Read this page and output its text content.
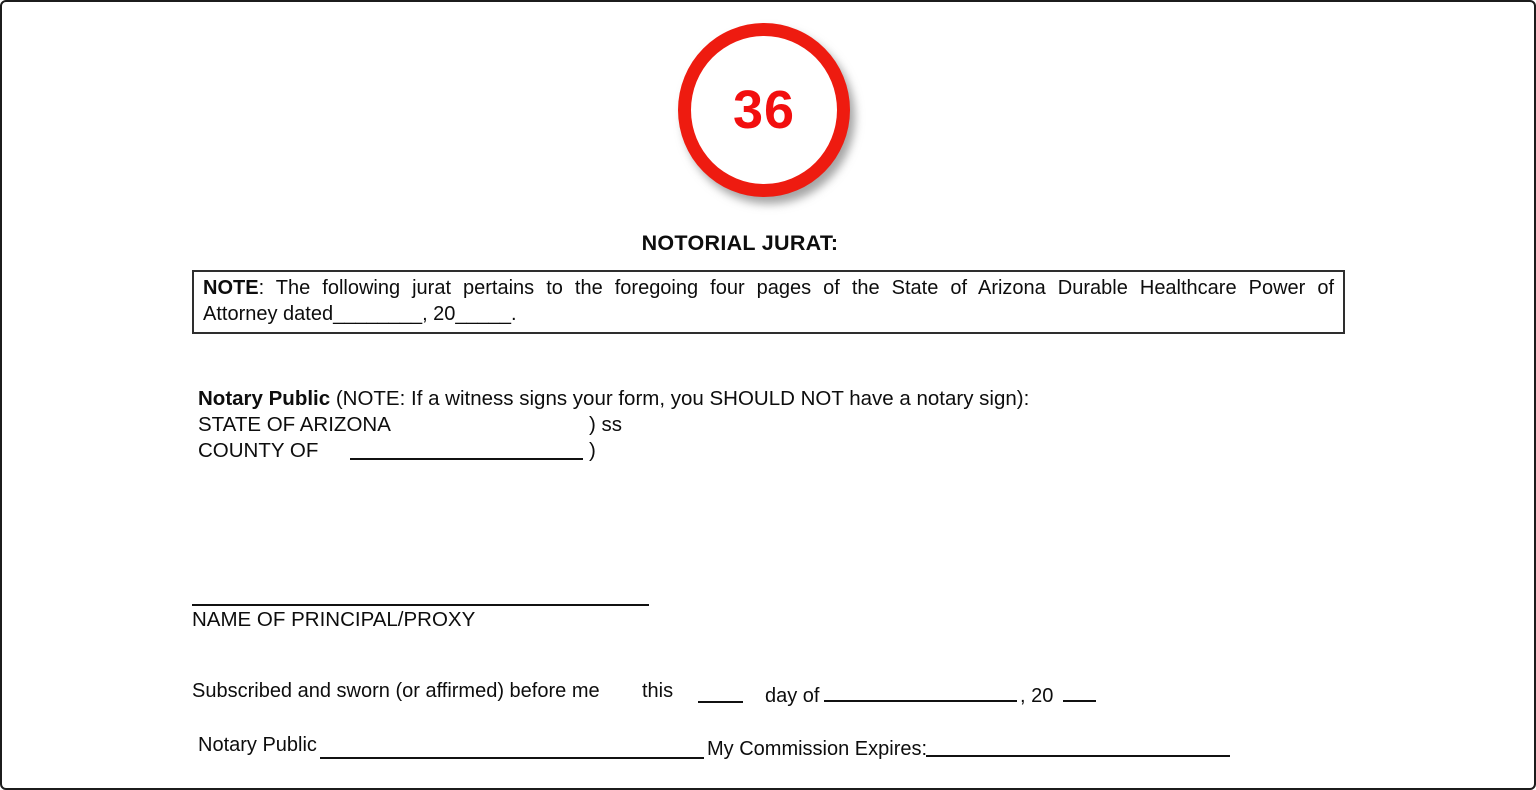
36
NOTORIAL JURAT:
NOTE: The following jurat pertains to the foregoing four pages of the State of Arizona Durable Healthcare Power of
Attorney dated________, 20_____.
Notary Public (NOTE: If a witness signs your form, you SHOULD NOT have a notary sign):
STATE OF ARIZONA	) ss
COUNTY OF	)
NAME OF PRINCIPAL/PROXY
Subscribed and sworn (or affirmed) before me this	day of	, 20
Notary Public	My Commission Expires:
